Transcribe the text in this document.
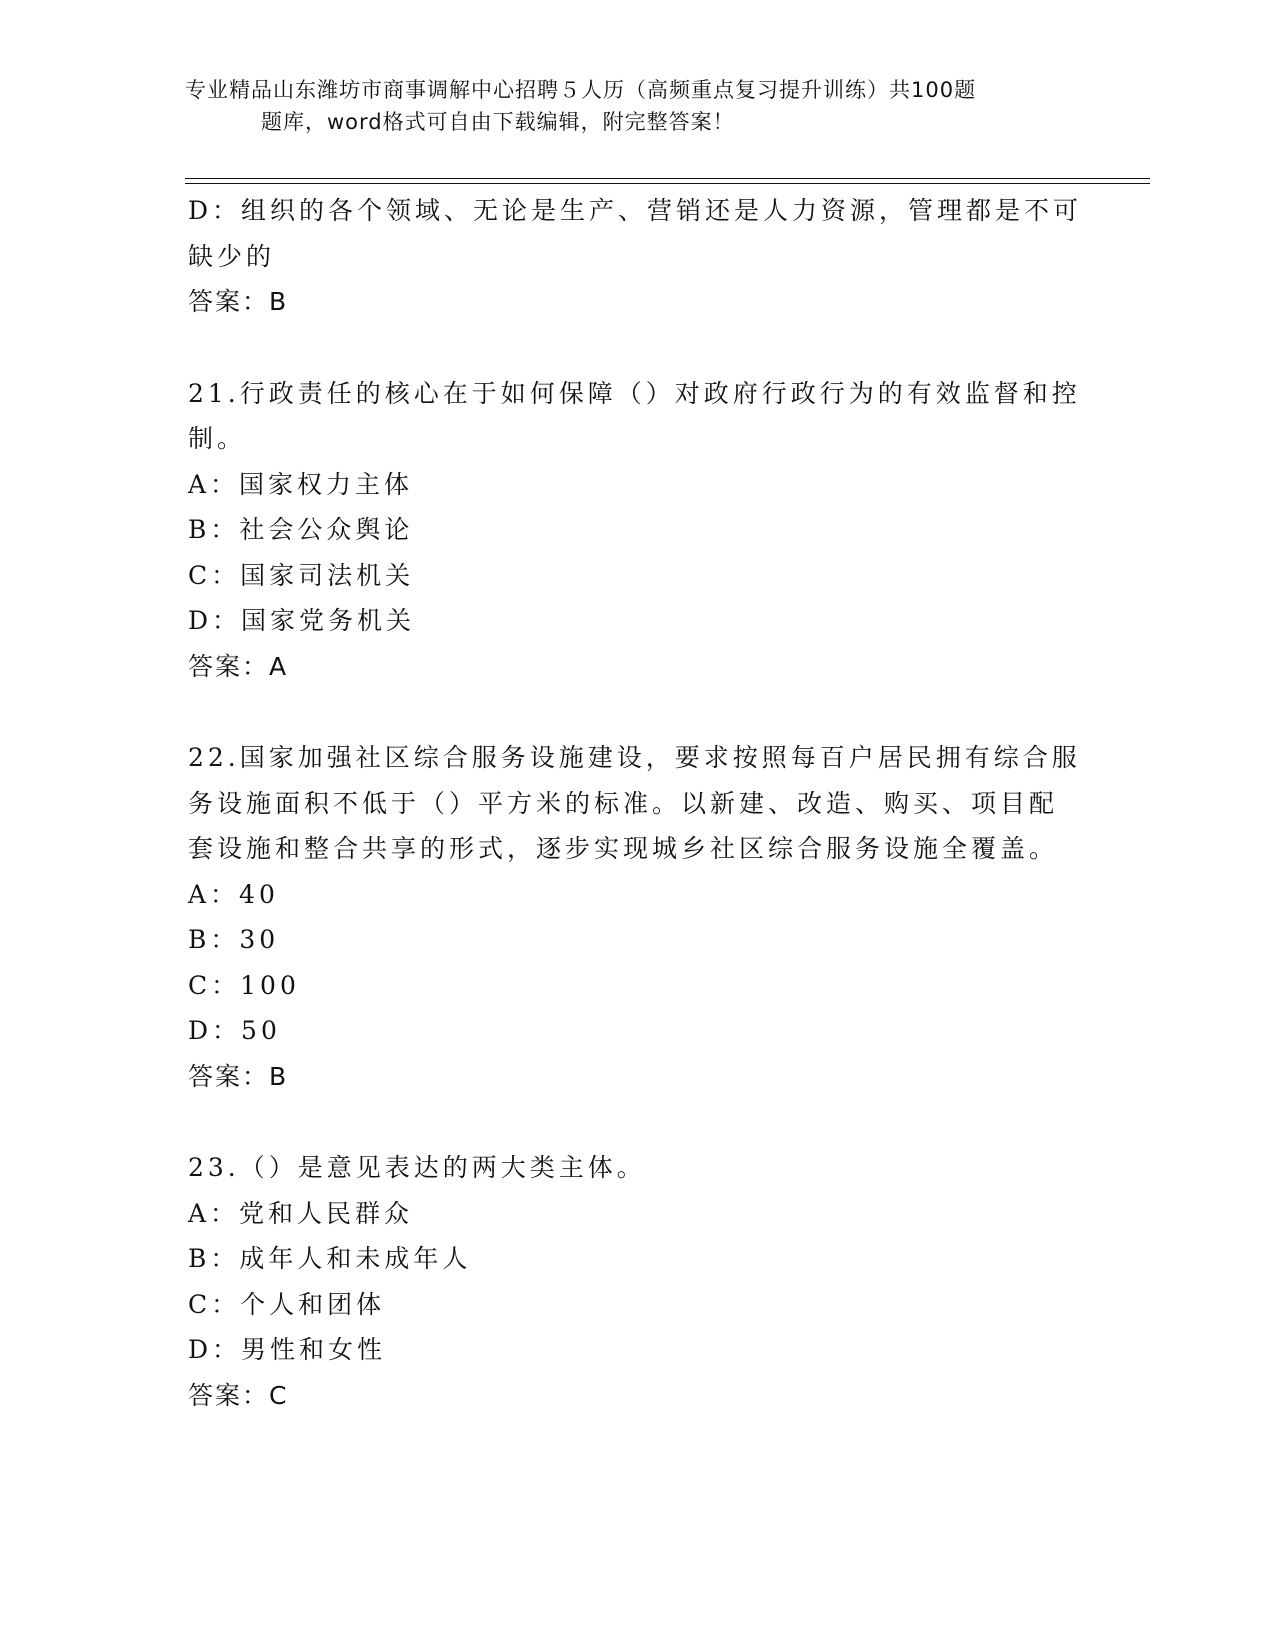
专业精品山东潍坊市商事调解中心招聘５人历（高频重点复习提升训练）共100题
题库，word格式可自由下载编辑，附完整答案！
D：组织的各个领域、无论是生产、营销还是人力资源，管理都是不可
缺少的
答案：B
21.行政责任的核心在于如何保障（）对政府行政行为的有效监督和控
制。
A：国家权力主体
B：社会公众舆论
C：国家司法机关
D：国家党务机关
答案：A
22.国家加强社区综合服务设施建设，要求按照每百户居民拥有综合服
务设施面积不低于（）平方米的标准。以新建、改造、购买、项目配
套设施和整合共享的形式，逐步实现城乡社区综合服务设施全覆盖。
A：40
B：30
C：100
D：50
答案：B
23.（）是意见表达的两大类主体。
A：党和人民群众
B：成年人和未成年人
C：个人和团体
D：男性和女性
答案：C
